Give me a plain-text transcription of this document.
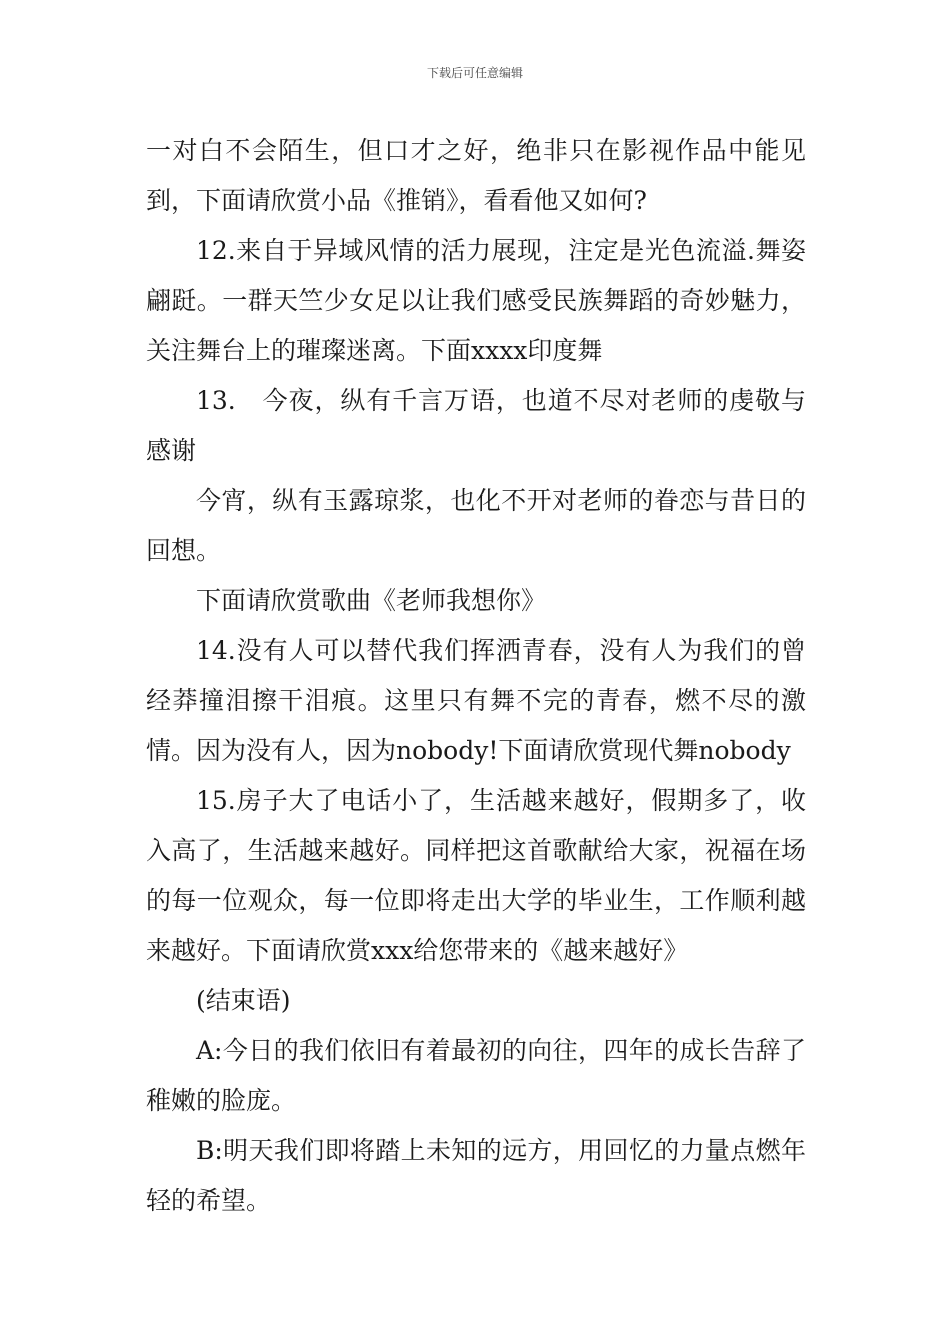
下载后可任意编辑

一对白不会陌生，但口才之好，绝非只在影视作品中能见到，下面请欣赏小品《推销》，看看他又如何?

12.来自于异域风情的活力展现，注定是光色流溢.舞姿翩跹。一群天竺少女足以让我们感受民族舞蹈的奇妙魅力，关注舞台上的璀璨迷离。下面xxxx印度舞

13.　今夜，纵有千言万语，也道不尽对老师的虔敬与感谢

今宵，纵有玉露琼浆，也化不开对老师的眷恋与昔日的回想。

下面请欣赏歌曲《老师我想你》

14.没有人可以替代我们挥洒青春，没有人为我们的曾经莽撞泪擦干泪痕。这里只有舞不完的青春，燃不尽的激情。因为没有人，因为nobody!下面请欣赏现代舞nobody

15.房子大了电话小了，生活越来越好，假期多了，收入高了，生活越来越好。同样把这首歌献给大家，祝福在场的每一位观众，每一位即将走出大学的毕业生，工作顺利越来越好。下面请欣赏xxx给您带来的《越来越好》

(结束语)

A:今日的我们依旧有着最初的向往，四年的成长告辞了稚嫩的脸庞。

B:明天我们即将踏上未知的远方，用回忆的力量点燃年轻的希望。
